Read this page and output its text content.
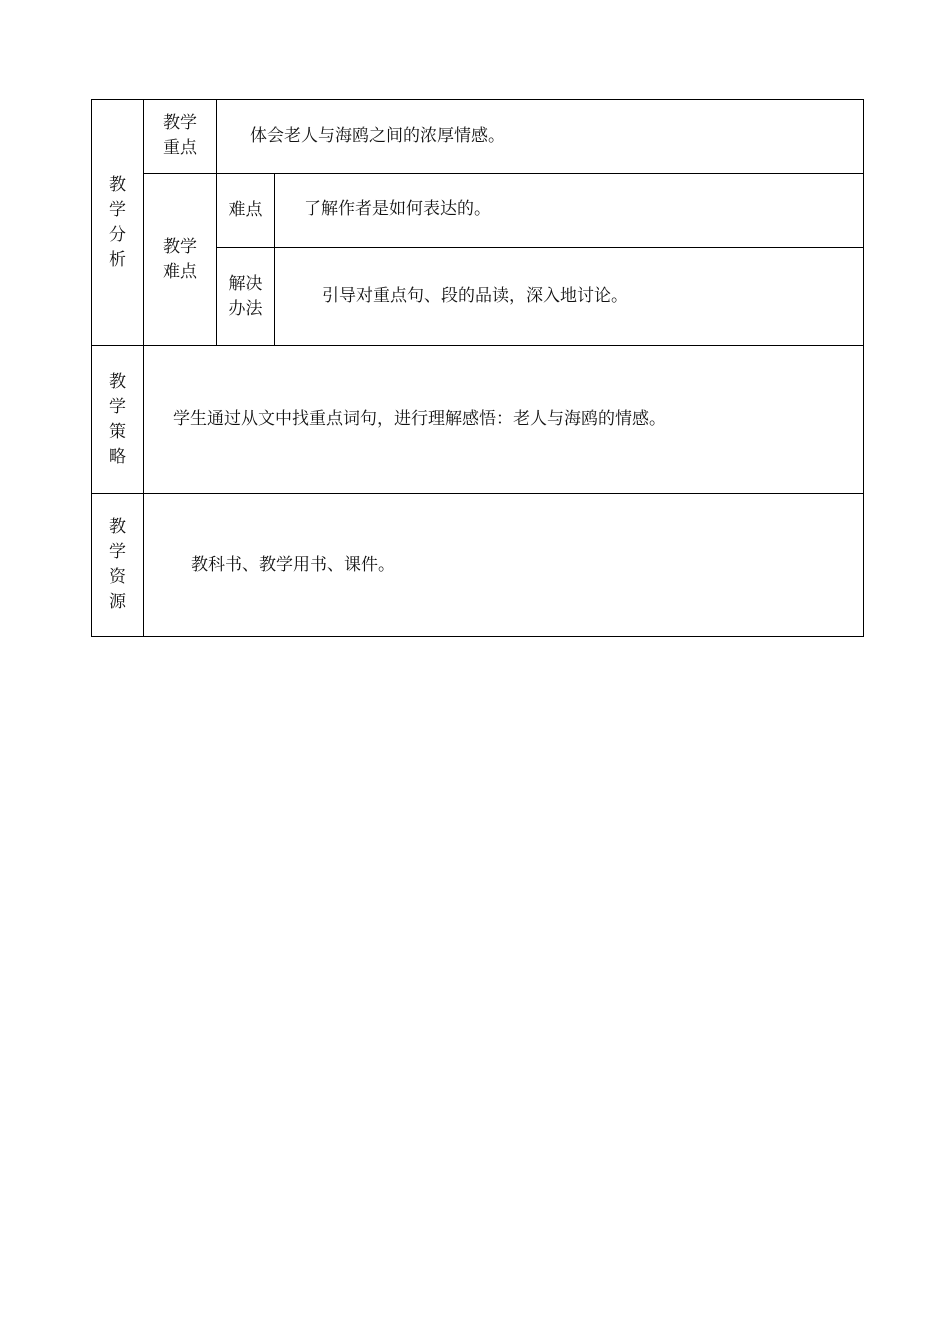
教学分析	教学重点	体会老人与海鸥之间的浓厚情感。	
	教学难点	难点	了解作者是如何表达的。
		解决办法	引导对重点句、段的品读，深入地讨论。
教学策略	学生通过从文中找重点词句，进行理解感悟：老人与海鸥的情感。		
教学资源	教科书、教学用书、课件。		
